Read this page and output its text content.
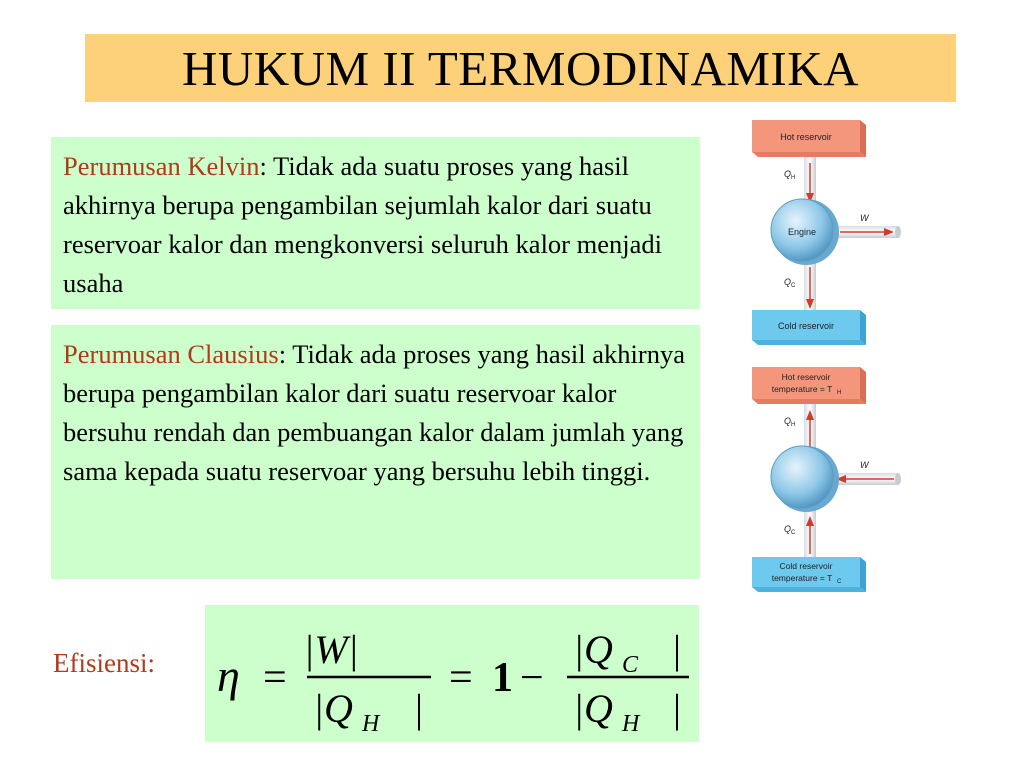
HUKUM II TERMODINAMIKA
Perumusan Kelvin: Tidak ada suatu proses yang hasil akhirnya berupa pengambilan sejumlah kalor dari suatu reservoar kalor dan mengkonversi seluruh kalor menjadi usaha
Perumusan Clausius: Tidak ada proses yang hasil akhirnya berupa pengambilan kalor dari suatu reservoar kalor bersuhu rendah dan pembuangan kalor dalam jumlah yang sama kepada suatu reservoar yang bersuhu lebih tinggi.
Efisiensi: η =
|W|
|Q H |
= 1 −
|Q C |
|Q H |
Hot reservoir
Q H
W
Engine
Q C
Cold reservoir
Hot reservoir
temperature = T H
Q H
W
Q C
Cold reservoir
temperature = T C
